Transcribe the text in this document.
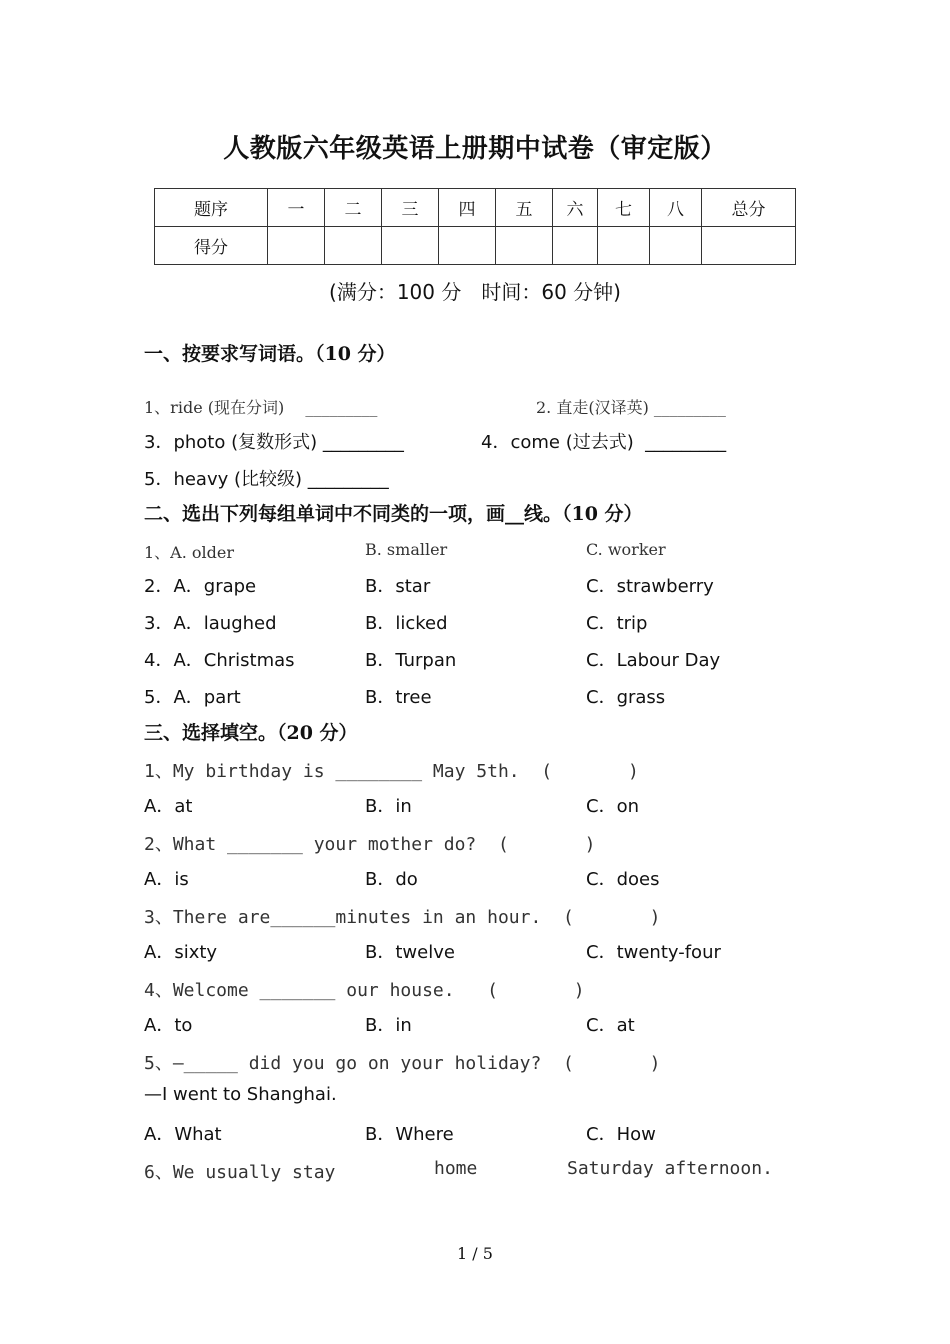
人教版六年级英语上册期中试卷（审定版）
题序	一	二	三	四	五	六	七	八	总分
得分									
(满分：100 分　时间：60 分钟)
一、按要求写词语。（10 分）
1、ride (现在分词)　 _________	2. 直走(汉译英) _________
3．photo (复数形式) _________	4．come (过去式)  _________
5．heavy (比较级) _________
二、选出下列每组单词中不同类的一项，画__线。（10 分）
1、A. older	B. smaller	C. worker
2．A．grape	B．star	C．strawberry
3．A．laughed	B．licked	C．trip
4．A．Christmas	B．Turpan	C．Labour Day
5．A．part	B．tree	C．grass
三、选择填空。（20 分）
1、My birthday is ________ May 5th.  (       )
A．at	B．in	C．on
2、What _______ your mother do?  (       )
A．is	B．do	C．does
3、There are______minutes in an hour.  (       )
A．sixty	B．twelve	C．twenty-four
4、Welcome _______ our house.   (       )
A．to	B．in	C．at
5、—_____ did you go on your holiday?  (       )
—I went to Shanghai.
A．What	B．Where	C．How
6、We usually stay	home	Saturday afternoon.
1 / 5
